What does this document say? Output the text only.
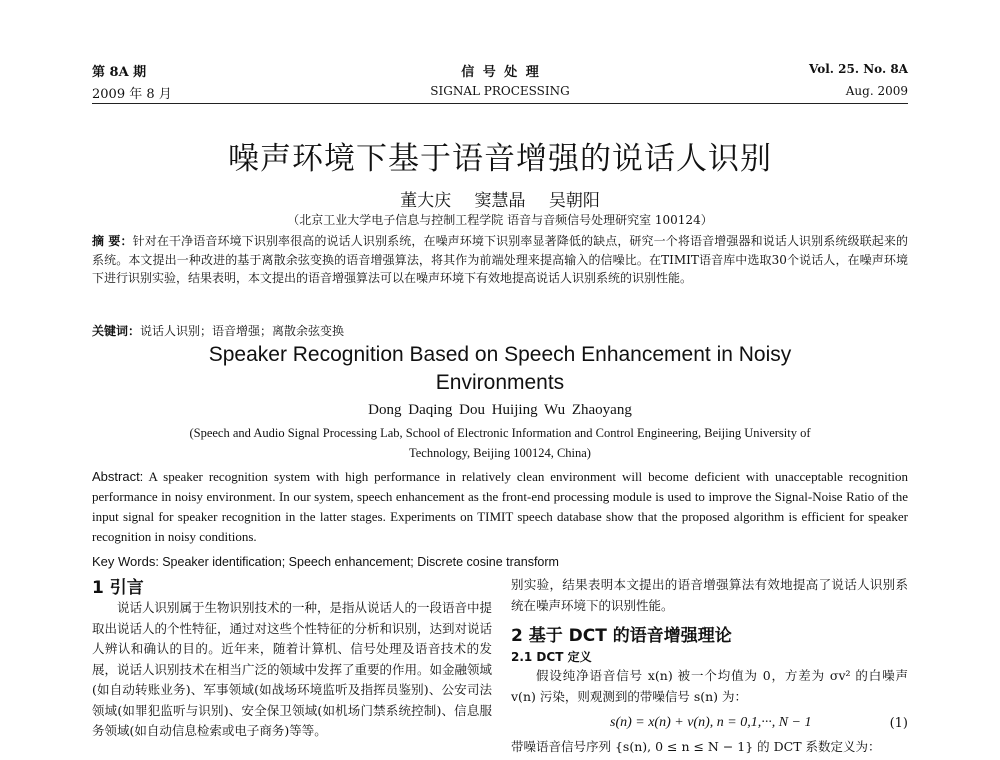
第 8A 期
2009 年 8 月
信 号 处 理
SIGNAL PROCESSING
Vol. 25. No. 8A
Aug. 2009
噪声环境下基于语音增强的说话人识别
董大庆 窦慧晶 吴朝阳
（北京工业大学电子信息与控制工程学院 语音与音频信号处理研究室 100124）
摘 要：针对在干净语音环境下识别率很高的说话人识别系统，在噪声环境下识别率显著降低的缺点，研究一个将语音增强器和说话人识别系统级联起来的系统。本文提出一种改进的基于离散余弦变换的语音增强算法，将其作为前端处理来提高输入的信噪比。在TIMIT语音库中选取30个说话人，在噪声环境下进行识别实验，结果表明，本文提出的语音增强算法可以在噪声环境下有效地提高说话人识别系统的识别性能。
关键词：说话人识别；语音增强；离散余弦变换
Speaker Recognition Based on Speech Enhancement in Noisy
Environments
Dong Daqing Dou Huijing Wu Zhaoyang
(Speech and Audio Signal Processing Lab, School of Electronic Information and Control Engineering, Beijing University of
Technology, Beijing 100124, China)
Abstract: A speaker recognition system with high performance in relatively clean environment will become deficient with unacceptable recognition performance in noisy environment. In our system, speech enhancement as the front-end processing module is used to improve the Signal-Noise Ratio of the input signal for speaker recognition in the latter stages. Experiments on TIMIT speech database show that the proposed algorithm is efficient for speaker recognition in noisy conditions.
Key Words: Speaker identification; Speech enhancement; Discrete cosine transform
1 引言
说话人识别属于生物识别技术的一种，是指从说话人的一段语音中提取出说话人的个性特征，通过对这些个性特征的分析和识别，达到对说话人辨认和确认的目的。近年来，随着计算机、信号处理及语音技术的发展，说话人识别技术在相当广泛的领域中发挥了重要的作用。如金融领域(如自动转账业务)、军事领域(如战场环境监听及指挥员鉴别)、公安司法领域(如罪犯监听与识别)、安全保卫领域(如机场门禁系统控制)、信息服务领域(如自动信息检索或电子商务)等等。
别实验，结果表明本文提出的语音增强算法有效地提高了说话人识别系统在噪声环境下的识别性能。
2 基于 DCT 的语音增强理论
2.1 DCT 定义
假设纯净语音信号 x(n) 被一个均值为 0，方差为 σv² 的白噪声 v(n) 污染，则观测到的带噪信号 s(n) 为：
s(n) = x(n) + v(n), n = 0,1,···, N − 1	(1)
带噪语音信号序列 {s(n), 0 ≤ n ≤ N − 1} 的 DCT 系数定义为：
